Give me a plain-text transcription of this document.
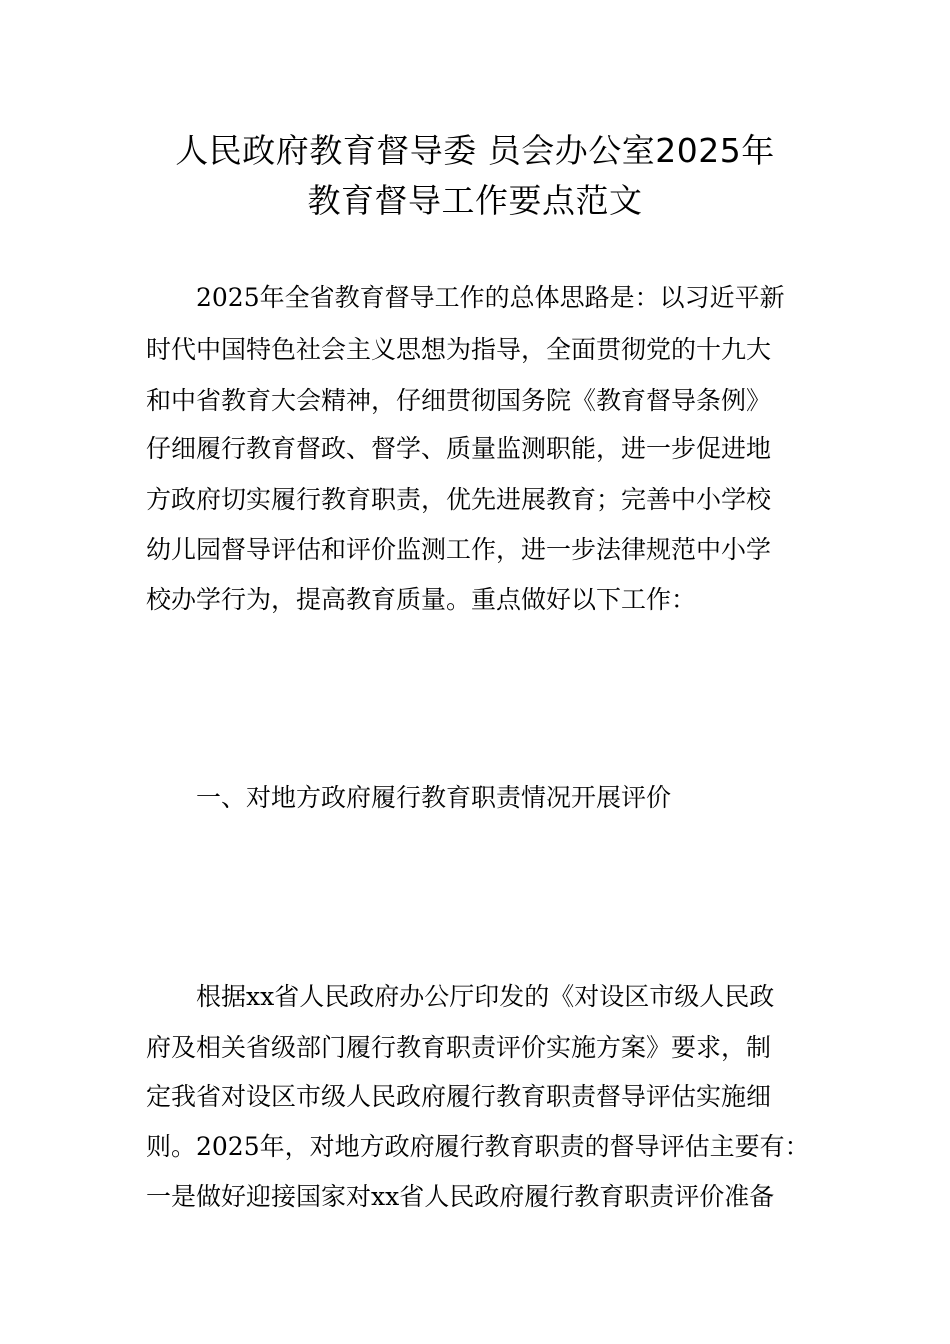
人民政府教育督导委 员会办公室2025年
教育督导工作要点范文

2025年全省教育督导工作的总体思路是：以习近平新

时代中国特色社会主义思想为指导，全面贯彻党的十九大

和中省教育大会精神，仔细贯彻国务院《教育督导条例》

仔细履行教育督政、督学、质量监测职能，进一步促进地

方政府切实履行教育职责，优先进展教育；完善中小学校

幼儿园督导评估和评价监测工作，进一步法律规范中小学

校办学行为，提高教育质量。重点做好以下工作：

一、对地方政府履行教育职责情况开展评价

根据xx省人民政府办公厅印发的《对设区市级人民政

府及相关省级部门履行教育职责评价实施方案》要求，制

定我省对设区市级人民政府履行教育职责督导评估实施细

则。2025年，对地方政府履行教育职责的督导评估主要有：

一是做好迎接国家对xx省人民政府履行教育职责评价准备
